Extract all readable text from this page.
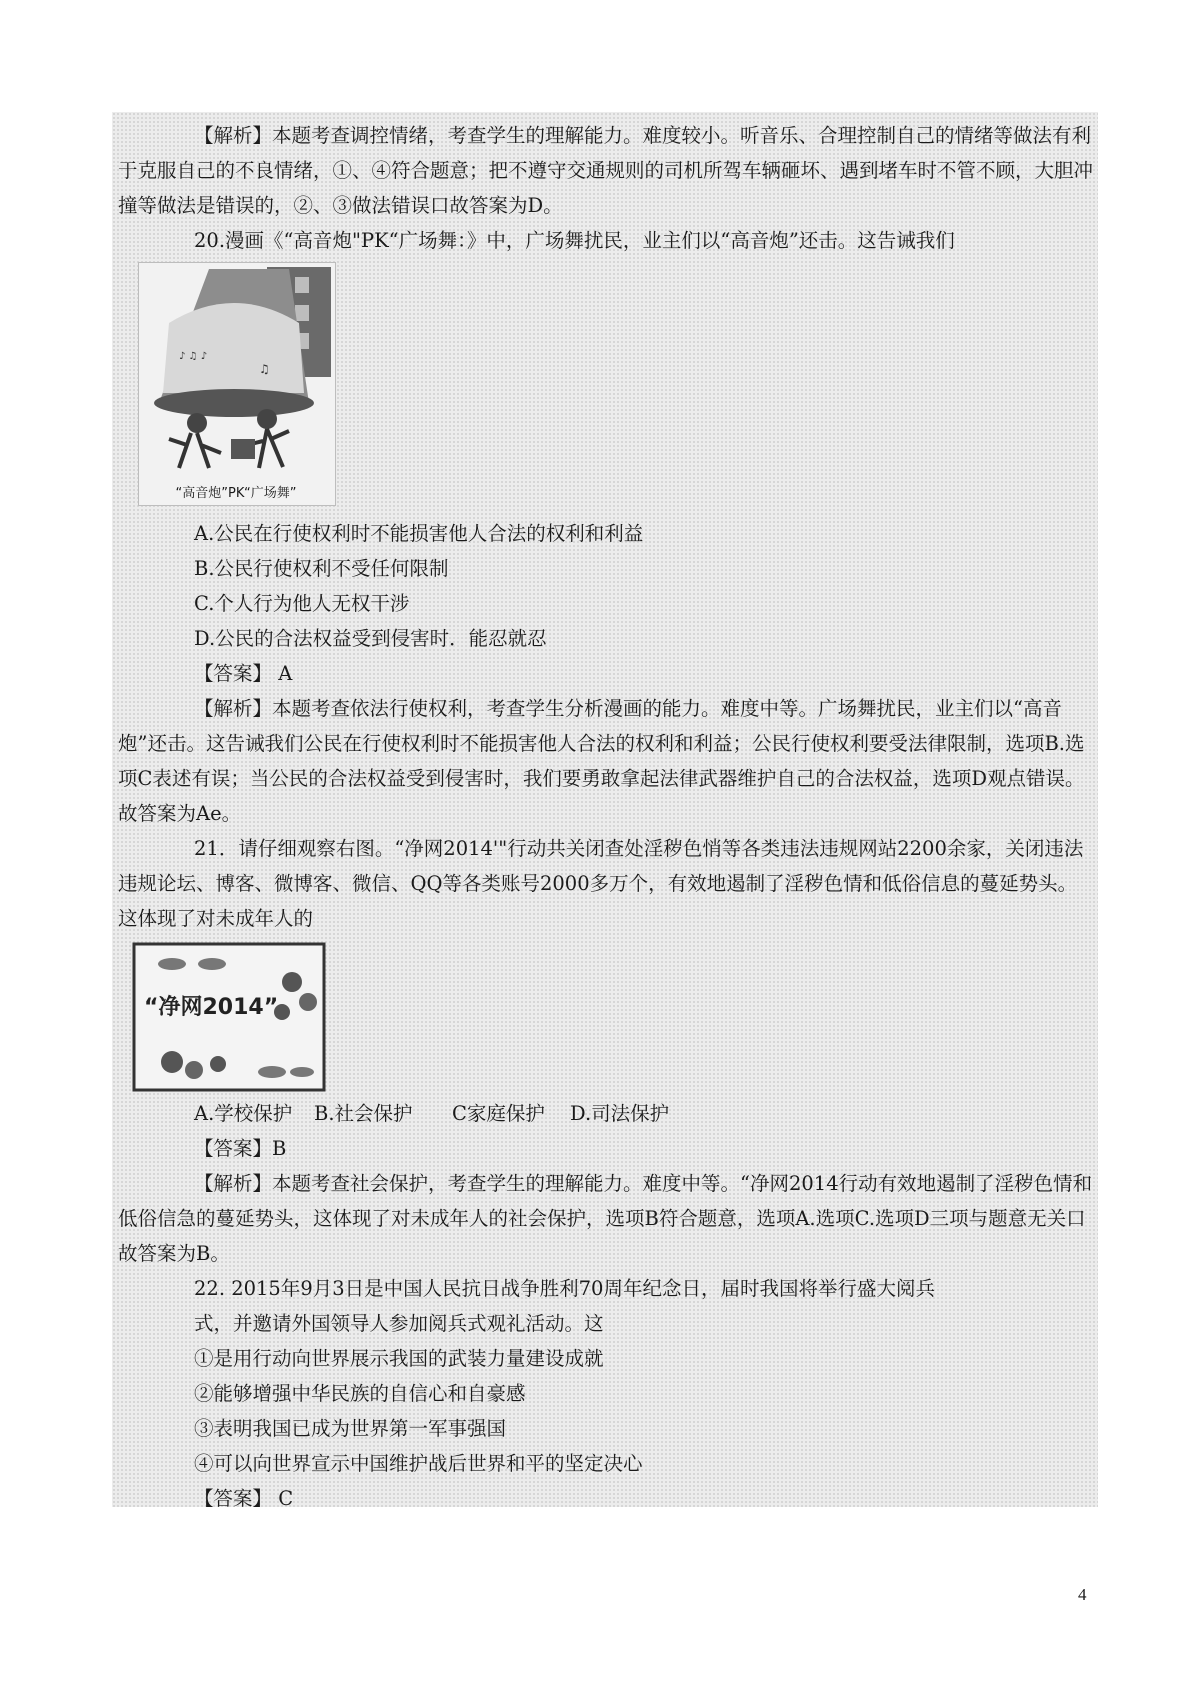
【解析】本题考查调控情绪，考查学生的理解能力。难度较小。听音乐、合理控制自己的情绪等做法有利于克服自己的不良情绪，①、④符合题意；把不遵守交通规则的司机所驾车辆砸坏、遇到堵车时不管不顾，大胆冲撞等做法是错误的，②、③做法错误口故答案为D。

20.漫画《“高音炮"PK“广场舞：》中，广场舞扰民，业主们以“高音炮”还击。这告诫我们

♪ ♫ ♪
♫
“高音炮”PK“广场舞”

A.公民在行使权利时不能损害他人合法的权利和利益

B.公民行使权利不受任何限制

C.个人行为他人无权干涉

D.公民的合法权益受到侵害时．能忍就忍

【答案】 A

【解析】本题考查依法行使权利，考查学生分析漫画的能力。难度中等。广场舞扰民，业主们以“高音炮”还击。这告诫我们公民在行使权利时不能损害他人合法的权利和利益；公民行使权利要受法律限制，选项B.选项C表述有误；当公民的合法权益受到侵害时，我们要勇敢拿起法律武器维护自己的合法权益，选项D观点错误。故答案为Ae。

21．请仔细观察右图。“净网2014'"行动共关闭查处淫秽色悄等各类违法违规网站2200余家，关闭违法违规论坛、博客、微博客、微信、QQ等各类账号2000多万个，有效地遏制了淫秽色情和低俗信息的蔓延势头。这体现了对未成年人的

“净网2014”
A.学校保护	B.社会保护	C家庭保护	D.司法保护

【答案】B

【解析】本题考查社会保护，考查学生的理解能力。难度中等。“净网2014行动有效地遏制了淫秽色情和低俗信急的蔓延势头，这体现了对未成年人的社会保护，选项B符合题意，选项A.选项C.选项D三项与题意无关口故答案为B。

22. 2015年9月3日是中国人民抗日战争胜利70周年纪念日，届时我国将举行盛大阅兵

式，并邀请外国领导人参加阅兵式观礼活动。这

①是用行动向世界展示我国的武装力量建设成就

②能够增强中华民族的自信心和自豪感

③表明我国已成为世界第一军事强国

④可以向世界宣示中国维护战后世界和平的坚定决心

【答案】 C

4
